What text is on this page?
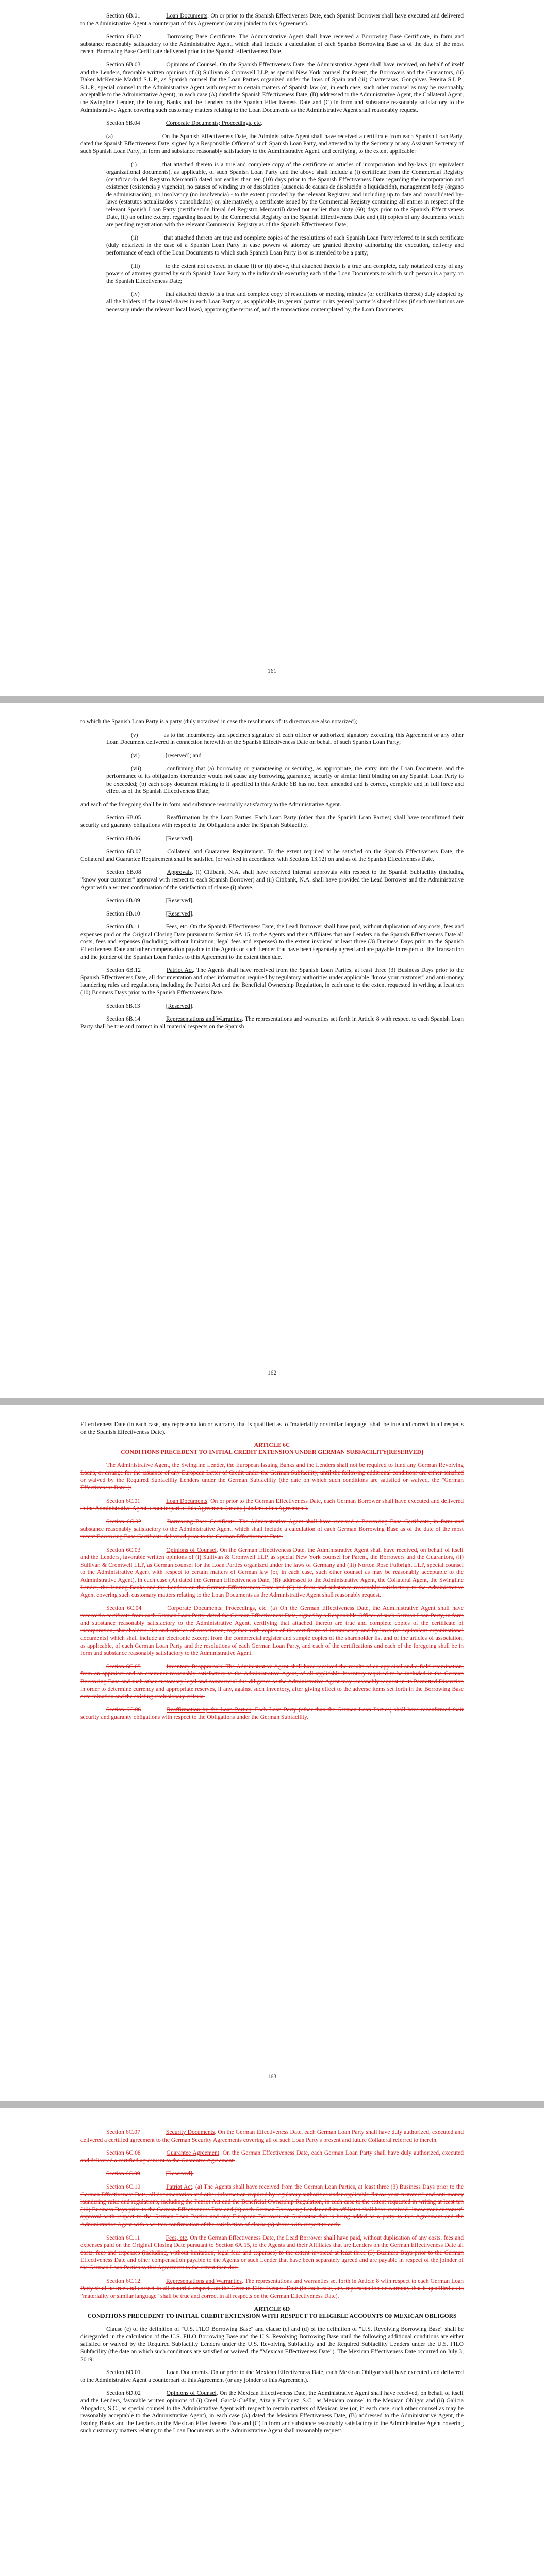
Section 6B.01	Loan Documents. On or prior to the Spanish Effectiveness Date, each Spanish Borrower shall have executed and delivered to the Administrative Agent a counterpart of this Agreement (or any joinder to this Agreement).

Section 6B.02	Borrowing Base Certificate. The Administrative Agent shall have received a Borrowing Base Certificate, in form and substance reasonably satisfactory to the Administrative Agent, which shall include a calculation of each Spanish Borrowing Base as of the date of the most recent Borrowing Base Certificate delivered prior to the Spanish Effectiveness Date.

Section 6B.03	Opinions of Counsel. On the Spanish Effectiveness Date, the Administrative Agent shall have received, on behalf of itself and the Lenders, favorable written opinions of (i) Sullivan & Cromwell LLP, as special New York counsel for Parent, the Borrowers and the Guarantors, (ii) Baker McKenzie Madrid S.L.P., as Spanish counsel for the Loan Parties organized under the laws of Spain and (iii) Cuatrecasas, Gonçalves Pereira S.L.P., S.L.P., special counsel to the Administrative Agent with respect to certain matters of Spanish law (or, in each case, such other counsel as may be reasonably acceptable to the Administrative Agent), in each case (A) dated the Spanish Effectiveness Date, (B) addressed to the Administrative Agent, the Collateral Agent, the Swingline Lender, the Issuing Banks and the Lenders on the Spanish Effectiveness Date and (C) in form and substance reasonably satisfactory to the Administrative Agent covering such customary matters relating to the Loan Documents as the Administrative Agent shall reasonably request.

Section 6B.04	Corporate Documents; Proceedings, etc.

(a)	On the Spanish Effectiveness Date, the Administrative Agent shall have received a certificate from each Spanish Loan Party, dated the Spanish Effectiveness Date, signed by a Responsible Officer of such Spanish Loan Party, and attested to by the Secretary or any Assistant Secretary of such Spanish Loan Party, in form and substance reasonably satisfactory to the Administrative Agent, and certifying, to the extent applicable:

(i)	that attached thereto is a true and complete copy of the certificate or articles of incorporation and by-laws (or equivalent organizational documents), as applicable, of such Spanish Loan Party and the above shall include a (i) certificate from the Commercial Registry (certificación del Registro Mercantil) dated not earlier than ten (10) days prior to the Spanish Effectiveness Date regarding the incorporation and existence (existencia y vigencia), no causes of winding up or dissolution (ausencia de causas de disolución o liquidación), management body (órgano de administración), no insolvency (no insolvencia) - to the extent provided by the relevant Registrar, and including up to date and consolidated by-laws (estatutos actualizados y consolidados) or, alternatively, a certificate issued by the Commercial Registry containing all entries in respect of the relevant Spanish Loan Party (certificación literal del Registro Mercantil) dated not earlier than sixty (60) days prior to the Spanish Effectiveness Date, (ii) an online excerpt regarding issued by the Commercial Registry on the Spanish Effectiveness Date and (iii) copies of any documents which are pending registration with the relevant Commercial Registry as of the Spanish Effectiveness Date;

(ii)	that attached thereto are true and complete copies of the resolutions of each Spanish Loan Party referred to in such certificate (duly notarized in the case of a Spanish Loan Party in case powers of attorney are granted therein) authorizing the execution, delivery and performance of each of the Loan Documents to which such Spanish Loan Party is or is intended to be a party;

(iii)	to the extent not covered in clause (i) or (ii) above, that attached thereto is a true and complete, duly notarized copy of any powers of attorney granted by such Spanish Loan Party to the individuals executing each of the Loan Documents to which such person is a party on the Spanish Effectiveness Date;

(iv)	that attached thereto is a true and complete copy of resolutions or meeting minutes (or certificates thereof) duly adopted by all the holders of the issued shares in each Loan Party or, as applicable, its general partner or its general partner's shareholders (if such resolutions are necessary under the relevant local laws), approving the terms of, and the transactions contemplated by, the Loan Documents

161

to which the Spanish Loan Party is a party (duly notarized in case the resolutions of its directors are also notarized);

(v)	as to the incumbency and specimen signature of each officer or authorized signatory executing this Agreement or any other Loan Document delivered in connection herewith on the Spanish Effectiveness Date on behalf of such Spanish Loan Party;

(vi)	[reserved]; and

(vii)	confirming that (a) borrowing or guaranteeing or securing, as appropriate, the entry into the Loan Documents and the performance of its obligations thereunder would not cause any borrowing, guarantee, security or similar limit binding on any Spanish Loan Party to be exceeded; (b) each copy document relating to it specified in this Article 6B has not been amended and is correct, complete and in full force and effect as of the Spanish Effectiveness Date;

and each of the foregoing shall be in form and substance reasonably satisfactory to the Administrative Agent.

Section 6B.05	Reaffirmation by the Loan Parties. Each Loan Party (other than the Spanish Loan Parties) shall have reconfirmed their security and guaranty obligations with respect to the Obligations under the Spanish Subfacility.

Section 6B.06	[Reserved].

Section 6B.07	Collateral and Guarantee Requirement. To the extent required to be satisfied on the Spanish Effectiveness Date, the Collateral and Guarantee Requirement shall be satisfied (or waived in accordance with Sections 13.12) on and as of the Spanish Effectiveness Date.

Section 6B.08	Approvals. (i) Citibank, N.A. shall have received internal approvals with respect to the Spanish Subfacility (including "know your customer" approval with respect to each Spanish Borrower) and (ii) Citibank, N.A. shall have provided the Lead Borrower and the Administrative Agent with a written confirmation of the satisfaction of clause (i) above.

Section 6B.09	[Reserved].

Section 6B.10	[Reserved].

Section 6B.11	Fees, etc. On the Spanish Effectiveness Date, the Lead Borrower shall have paid, without duplication of any costs, fees and expenses paid on the Original Closing Date pursuant to Section 6A.15, to the Agents and their Affiliates that are Lenders on the Spanish Effectiveness Date all costs, fees and expenses (including, without limitation, legal fees and expenses) to the extent invoiced at least three (3) Business Days prior to the Spanish Effectiveness Date and other compensation payable to the Agents or such Lender that have been separately agreed and are payable in respect of the Transaction and the joinder of the Spanish Loan Parties to this Agreement to the extent then due.

Section 6B.12	Patriot Act. The Agents shall have received from the Spanish Loan Parties, at least three (3) Business Days prior to the Spanish Effectiveness Date, all documentation and other information required by regulatory authorities under applicable "know your customer" and anti-money laundering rules and regulations, including the Patriot Act and the Beneficial Ownership Regulation, in each case to the extent requested in writing at least ten (10) Business Days prior to the Spanish Effectiveness Date.

Section 6B.13	[Reserved].

Section 6B.14	Representations and Warranties. The representations and warranties set forth in Article 8 with respect to each Spanish Loan Party shall be true and correct in all material respects on the Spanish

162

Effectiveness Date (in each case, any representation or warranty that is qualified as to "materiality or similar language" shall be true and correct in all respects on the Spanish Effectiveness Date).

ARTICLE 6C
CONDITIONS PRECEDENT TO INITIAL CREDIT EXTENSION UNDER GERMAN SUBFACILITY[RESERVED]

The Administrative Agent, the Swingline Lender, the European Issuing Banks and the Lenders shall not be required to fund any German Revolving Loans, or arrange for the issuance of any European Letter of Credit under the German Subfacility, until the following additional conditions are either satisfied or waived by the Required Subfacility Lenders under the German Subfacility (the date on which such conditions are satisfied or waived, the "German Effectiveness Date"):

Section 6C.01	Loan Documents. On or prior to the German Effectiveness Date, each German Borrower shall have executed and delivered to the Administrative Agent a counterpart of this Agreement (or any joinder to this Agreement).

Section 6C.02	Borrowing Base Certificate. The Administrative Agent shall have received a Borrowing Base Certificate, in form and substance reasonably satisfactory to the Administrative Agent, which shall include a calculation of each German Borrowing Base as of the date of the most recent Borrowing Base Certificate delivered prior to the German Effectiveness Date.

Section 6C.03	Opinions of Counsel. On the German Effectiveness Date, the Administrative Agent shall have received, on behalf of itself and the Lenders, favorable written opinions of (i) Sullivan & Cromwell LLP, as special New York counsel for Parent, the Borrowers and the Guarantors, (ii) Sullivan & Cromwell LLP, as German counsel for the Loan Parties organized under the laws of Germany and (iii) Norton Rose Fulbright LLP, special counsel to the Administrative Agent with respect to certain matters of German law (or, in each case, such other counsel as may be reasonably acceptable to the Administrative Agent), in each case (A) dated the German Effectiveness Date, (B) addressed to the Administrative Agent, the Collateral Agent, the Swingline Lender, the Issuing Banks and the Lenders on the German Effectiveness Date and (C) in form and substance reasonably satisfactory to the Administrative Agent covering such customary matters relating to the Loan Documents as the Administrative Agent shall reasonably request.

Section 6C.04	Corporate Documents; Proceedings, etc. (a) On the German Effectiveness Date, the Administrative Agent shall have received a certificate from each German Loan Party, dated the German Effectiveness Date, signed by a Responsible Officer of such German Loan Party, in form and substance reasonably satisfactory to the Administrative Agent, certifying that attached thereto are true and complete copies of the certificate of incorporation, shareholders' list and articles of association, together with copies of the certificate of incumbency and by-laws (or equivalent organizational documents) which shall include an electronic excerpt from the commercial register and sample copies of the shareholder list and of the articles of association, as applicable, of each German Loan Party and the resolutions of each German Loan Party, and each of the certifications and each of the foregoing shall be in form and substance reasonably satisfactory to the Administrative Agent.

Section 6C.05	Inventory Reappraisals. The Administrative Agent shall have received the results of an appraisal and a field examination, from an appraiser and an examiner reasonably satisfactory to the Administrative Agent, of all applicable Inventory required to be included in the German Borrowing Base and such other customary legal and commercial due diligence as the Administrative Agent may reasonably request in its Permitted Discretion in order to determine currency and appropriate reserves, if any, against such Inventory, after giving effect to the adverse items set forth in the Borrowing Base determination and the existing exclusionary criteria.

Section 6C.06	Reaffirmation by the Loan Parties. Each Loan Party (other than the German Loan Parties) shall have reconfirmed their security and guaranty obligations with respect to the Obligations under the German Subfacility.

163

Section 6C.07	Security Documents. On the German Effectiveness Date, each German Loan Party shall have duly authorized, executed and delivered a certified agreement to the German Security Agreements covering all of such Loan Party's present and future Collateral referred to therein.

Section 6C.08	Guarantee Agreement. On the German Effectiveness Date, each German Loan Party shall have duly authorized, executed and delivered a certified agreement to the Guarantee Agreement.

Section 6C.09	[Reserved].

Section 6C.10	Patriot Act. (a) The Agents shall have received from the German Loan Parties, at least three (3) Business Days prior to the German Effectiveness Date, all documentation and other information required by regulatory authorities under applicable "know your customer" and anti-money laundering rules and regulations, including the Patriot Act and the Beneficial Ownership Regulation, in each case to the extent requested in writing at least ten (10) Business Days prior to the German Effectiveness Date and (b) each German Borrowing Lender and its affiliates shall have received "know your customer" approval with respect to the German Loan Parties and any European Borrower or Guarantor that is being added as a party to this Agreement and the Administrative Agent with a written confirmation of the satisfaction of clause (a) above with respect to each.

Section 6C.11	Fees, etc. On the German Effectiveness Date, the Lead Borrower shall have paid, without duplication of any costs, fees and expenses paid on the Original Closing Date pursuant to Section 6A.15, to the Agents and their Affiliates that are Lenders on the German Effectiveness Date all costs, fees and expenses (including, without limitation, legal fees and expenses) to the extent invoiced at least three (3) Business Days prior to the German Effectiveness Date and other compensation payable to the Agents or such Lender that have been separately agreed and are payable in respect of the joinder of the German Loan Parties to this Agreement to the extent then due.

Section 6C.12	Representations and Warranties. The representations and warranties set forth in Article 8 with respect to each German Loan Party shall be true and correct in all material respects on the German Effectiveness Date (in each case, any representation or warranty that is qualified as to "materiality or similar language" shall be true and correct in all respects on the German Effectiveness Date).

ARTICLE 6D
CONDITIONS PRECEDENT TO INITIAL CREDIT EXTENSION WITH RESPECT TO ELIGIBLE ACCOUNTS OF MEXICAN OBLIGORS

Clause (c) of the definition of "U.S. FILO Borrowing Base" and clause (c) and (d) of the definition of "U.S. Revolving Borrowing Base" shall be disregarded in the calculation of the U.S. FILO Borrowing Base and the U.S. Revolving Borrowing Base until the following additional conditions are either satisfied or waived by the Required Subfacility Lenders under the U.S. Revolving Subfacility and the Required Subfacility Lenders under the U.S. FILO Subfacility (the date on which such conditions are satisfied or waived, the "Mexican Effectiveness Date"). The Mexican Effectiveness Date occurred on July 3, 2019:

Section 6D.01	Loan Documents. On or prior to the Mexican Effectiveness Date, each Mexican Obligor shall have executed and delivered to the Administrative Agent a counterpart of this Agreement (or any joinder to this Agreement).

Section 6D.02	Opinions of Counsel. On the Mexican Effectiveness Date, the Administrative Agent shall have received, on behalf of itself and the Lenders, favorable written opinions of (i) Creel, García-Cuéllar, Aiza y Enríquez, S.C., as Mexican counsel to the Mexican Obligor and (ii) Galicia Abogados, S.C., as special counsel to the Administrative Agent with respect to certain matters of Mexican law (or, in each case, such other counsel as may be reasonably acceptable to the Administrative Agent), in each case (A) dated the Mexican Effectiveness Date, (B) addressed to the Administrative Agent, the Issuing Banks and the Lenders on the Mexican Effectiveness Date and (C) in form and substance reasonably satisfactory to the Administrative Agent covering such customary matters relating to the Loan Documents as the Administrative Agent shall reasonably request.
